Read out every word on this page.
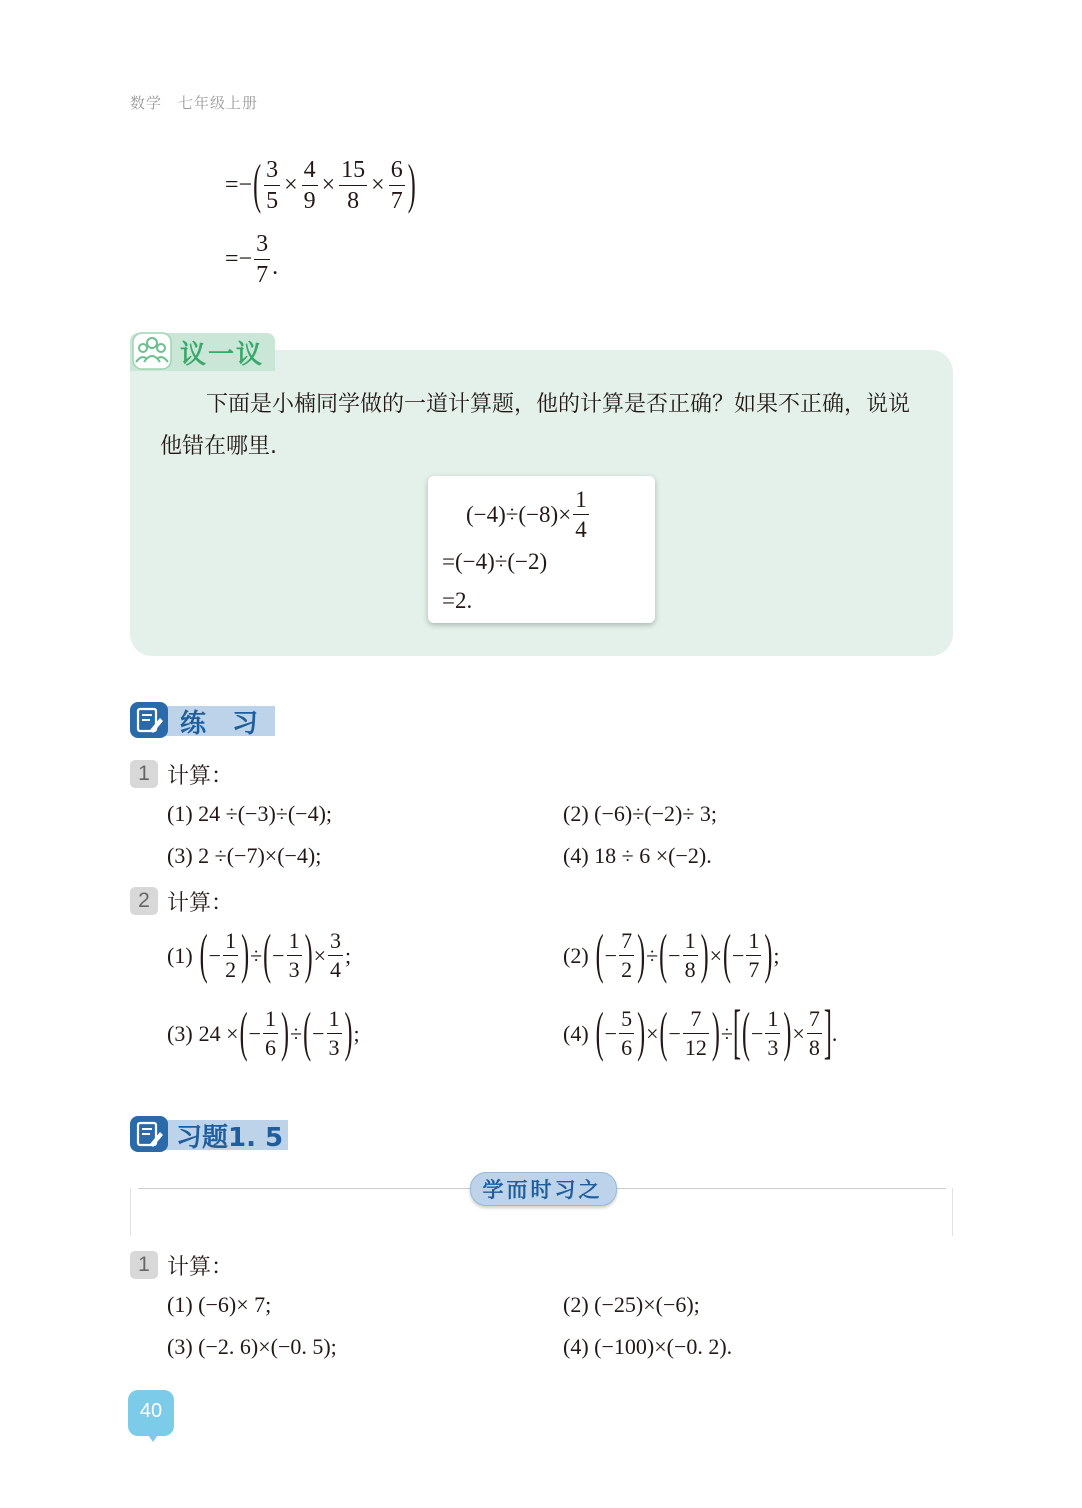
数学 七年级上册
=− ( $\frac{3}{5} \times \frac{4}{9} \times \frac{15}{8} \times \frac{6}{7}$ )
=− $\frac{3}{7}$ .
议一议
下面是小楠同学做的一道计算题，他的计算是否正确？如果不正确，说说他错在哪里.
$(-4)\div(-8)\times \frac{1}{4}$
=(−4)÷(−2)
=2.
练　习
1 计算：
(1) 24 ÷(−3)÷(−4);	(2) (−6)÷(−2)÷ 3;
(3) 2 ÷(−7)×(−4);	(4) 18 ÷ 6 ×(−2).
2 计算：
(1) ( − $\frac{1}{2}$ ) ÷ ( − $\frac{1}{3}$ ) × $\frac{3}{4}$ ;	(2) ( − $\frac{7}{2}$ ) ÷ ( − $\frac{1}{8}$ ) × ( − $\frac{1}{7}$ ) ;
(3) 24 × ( − $\frac{1}{6}$ ) ÷ ( − $\frac{1}{3}$ ) ;	(4) ( − $\frac{5}{6}$ ) × ( − $\frac{7}{12}$ ) ÷ [ ( − $\frac{1}{3}$ ) × $\frac{7}{8}$ ] .
习题1. 5
学而时习之
1 计算：
(1) (−6)× 7;	(2) (−25)×(−6);
(3) (−2. 6)×(−0. 5);	(4) (−100)×(−0. 2).
40
